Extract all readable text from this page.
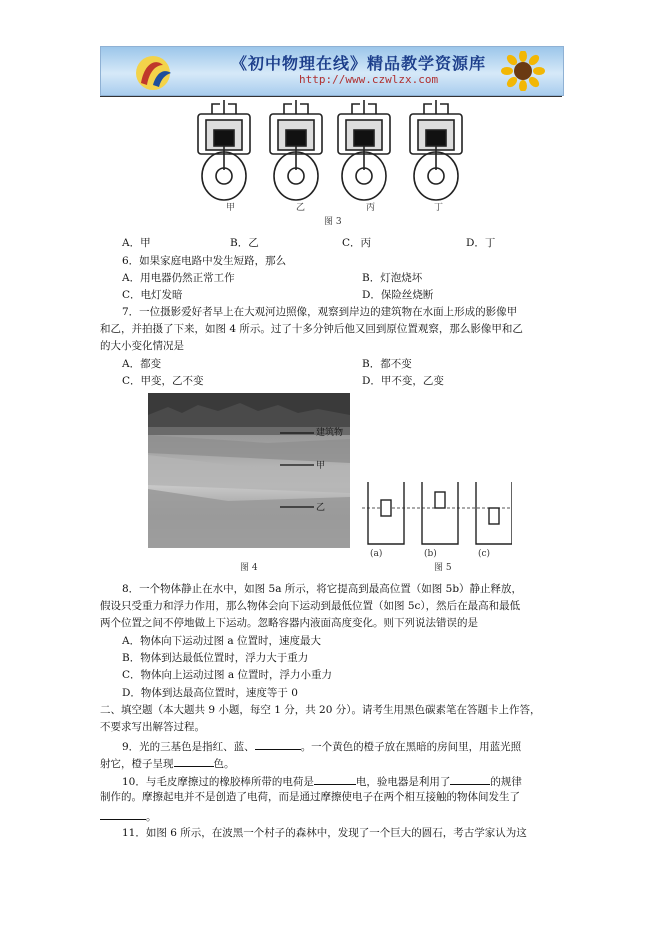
《初中物理在线》精品教学资源库
http://www.czwlzx.com
甲	乙	丙	丁
图 3
A．甲	B．乙	C．丙	D．丁
6．如果家庭电路中发生短路，那么
A．用电器仍然正常工作	B．灯泡烧坏
C．电灯发暗	D．保险丝烧断
7．一位摄影爱好者早上在大观河边照像，观察到岸边的建筑物在水面上形成的影像甲
和乙，并拍摄了下来，如图 4 所示。过了十多分钟后他又回到原位置观察，那么影像甲和乙
的大小变化情况是
A．都变	B．都不变
C．甲变，乙不变	D．甲不变，乙变
建筑物
甲
乙
图 4
(a)	(b)	(c)
图 5
8．一个物体静止在水中，如图 5a 所示，将它提高到最高位置（如图 5b）静止释放，
假设只受重力和浮力作用，那么物体会向下运动到最低位置（如图 5c），然后在最高和最低
两个位置之间不停地做上下运动。忽略容器内液面高度变化。则下列说法错误的是
A．物体向下运动过图 a 位置时，速度最大
B．物体到达最低位置时，浮力大于重力
C．物体向上运动过图 a 位置时，浮力小重力
D．物体到达最高位置时，速度等于 0
二、填空题（本大题共 9 小题，每空 1 分，共 20 分）。请考生用黑色碳素笔在答题卡上作答，
不要求写出解答过程。
9．光的三基色是指红、蓝、	。一个黄色的橙子放在黑暗的房间里，用蓝光照
射它，橙子呈现	色。
10．与毛皮摩擦过的橡胶棒所带的电荷是	电，验电器是利用了	的规律
制作的。摩擦起电并不是创造了电荷，而是通过摩擦使电子在两个相互接触的物体间发生了
。
11．如图 6 所示，在波黑一个村子的森林中，发现了一个巨大的圆石，考古学家认为这
